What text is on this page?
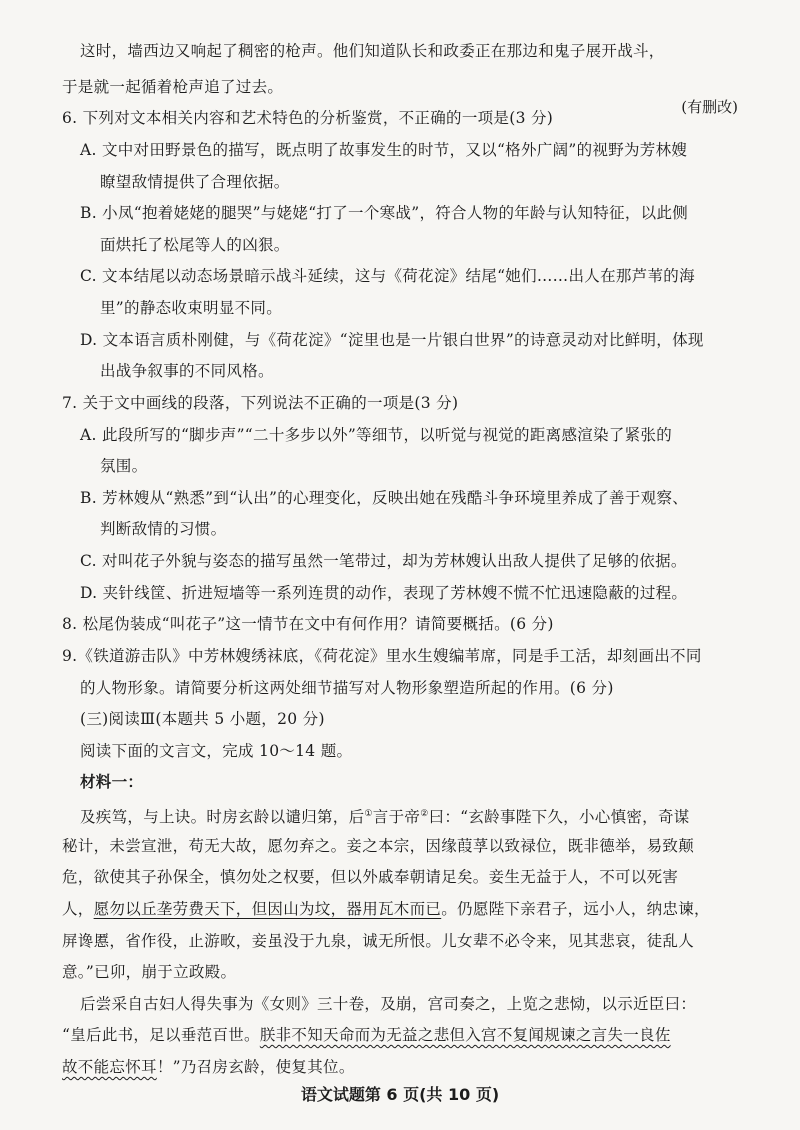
这时，墙西边又响起了稠密的枪声。他们知道队长和政委正在那边和鬼子展开战斗，
于是就一起循着枪声追了过去。
(有删改)
6. 下列对文本相关内容和艺术特色的分析鉴赏，不正确的一项是(3 分)
A. 文中对田野景色的描写，既点明了故事发生的时节，又以“格外广阔”的视野为芳林嫂
瞭望敌情提供了合理依据。
B. 小凤“抱着姥姥的腿哭”与姥姥“打了一个寒战”，符合人物的年龄与认知特征，以此侧
面烘托了松尾等人的凶狠。
C. 文本结尾以动态场景暗示战斗延续，这与《荷花淀》结尾“她们……出人在那芦苇的海
里”的静态收束明显不同。
D. 文本语言质朴刚健，与《荷花淀》“淀里也是一片银白世界”的诗意灵动对比鲜明，体现
出战争叙事的不同风格。
7. 关于文中画线的段落，下列说法不正确的一项是(3 分)
A. 此段所写的“脚步声”“二十多步以外”等细节，以听觉与视觉的距离感渲染了紧张的
氛围。
B. 芳林嫂从“熟悉”到“认出”的心理变化，反映出她在残酷斗争环境里养成了善于观察、
判断敌情的习惯。
C. 对叫花子外貌与姿态的描写虽然一笔带过，却为芳林嫂认出敌人提供了足够的依据。
D. 夹针线筐、折进短墙等一系列连贯的动作，表现了芳林嫂不慌不忙迅速隐蔽的过程。
8. 松尾伪装成“叫花子”这一情节在文中有何作用？请简要概括。(6 分)
9.《铁道游击队》中芳林嫂绣袜底，《荷花淀》里水生嫂编苇席，同是手工活，却刻画出不同
的人物形象。请简要分析这两处细节描写对人物形象塑造所起的作用。(6 分)
(三)阅读Ⅲ(本题共 5 小题，20 分)
阅读下面的文言文，完成 10～14 题。
材料一：
及疾笃，与上诀。时房玄龄以谴归第，后①言于帝②曰：“玄龄事陛下久，小心慎密，奇谋
秘计，未尝宣泄，苟无大故，愿勿弃之。妾之本宗，因缘葭莩以致禄位，既非德举，易致颠
危，欲使其子孙保全，慎勿处之权要，但以外戚奉朝请足矣。妾生无益于人，不可以死害
人，愿勿以丘垄劳费天下，但因山为坟，器用瓦木而已。仍愿陛下亲君子，远小人，纳忠谏，
屏谗慝，省作役，止游畋，妾虽没于九泉，诚无所恨。儿女辈不必令来，见其悲哀，徒乱人
意。”已卯，崩于立政殿。
后尝采自古妇人得失事为《女则》三十卷，及崩，宫司奏之，上览之悲恸，以示近臣曰：
“皇后此书，足以垂范百世。朕非不知天命而为无益之悲但入宫不复闻规谏之言失一良佐
故不能忘怀耳！”乃召房玄龄，使复其位。
语文试题第 6 页(共 10 页)
